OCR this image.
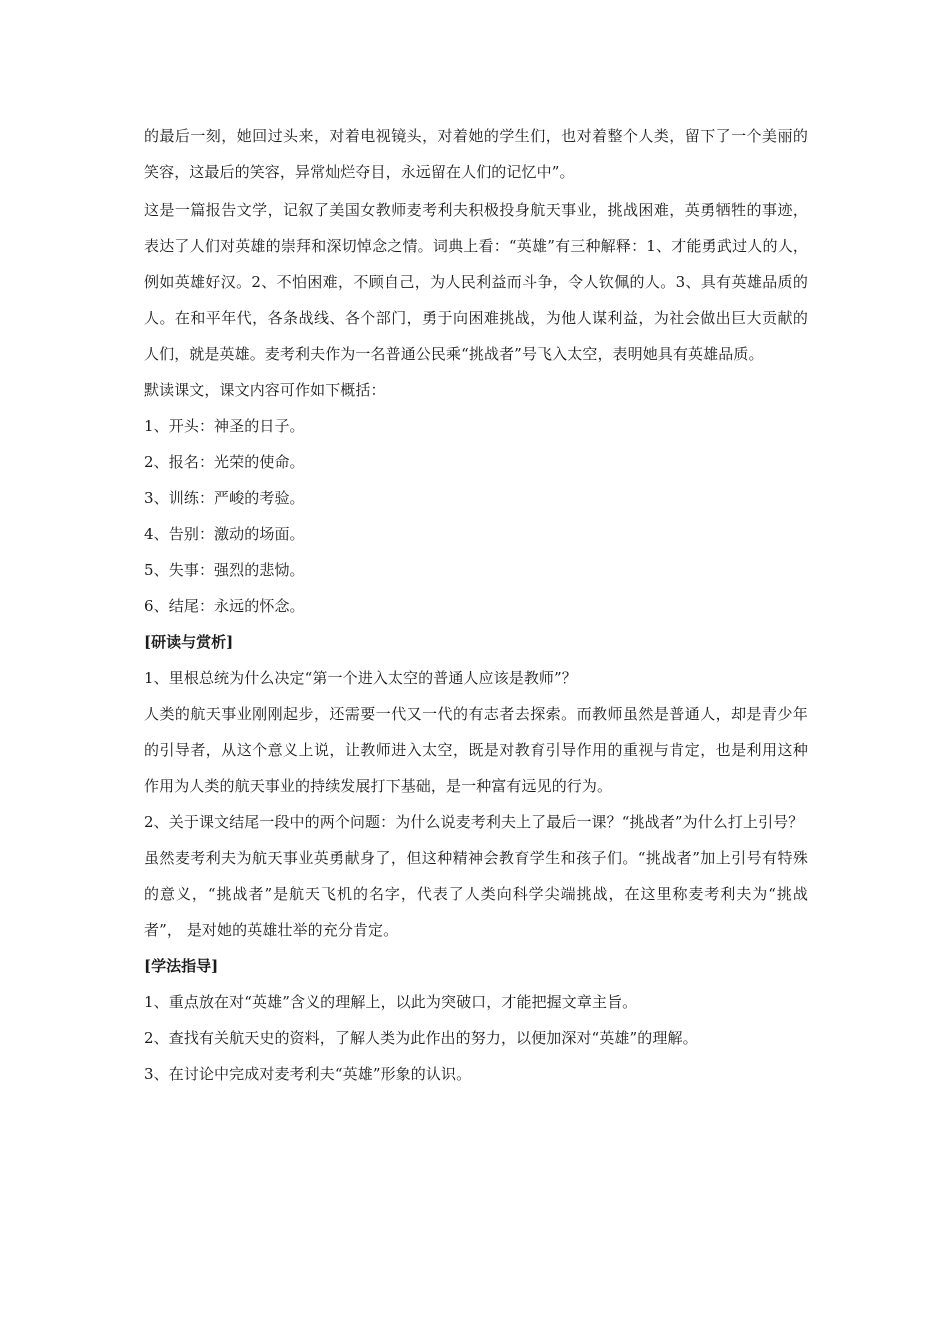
的最后一刻，她回过头来，对着电视镜头，对着她的学生们，也对着整个人类，留下了一个美丽的笑容，这最后的笑容，异常灿烂夺目，永远留在人们的记忆中”。

这是一篇报告文学，记叙了美国女教师麦考利夫积极投身航天事业，挑战困难，英勇牺牲的事迹，表达了人们对英雄的崇拜和深切悼念之情。词典上看：“英雄”有三种解释：1、才能勇武过人的人，例如英雄好汉。2、不怕困难，不顾自己，为人民利益而斗争，令人钦佩的人。3、具有英雄品质的人。在和平年代，各条战线、各个部门，勇于向困难挑战，为他人谋利益，为社会做出巨大贡献的人们，就是英雄。麦考利夫作为一名普通公民乘“挑战者”号飞入太空，表明她具有英雄品质。

默读课文，课文内容可作如下概括：

1、开头：神圣的日子。

2、报名：光荣的使命。

3、训练：严峻的考验。

4、告别：激动的场面。

5、失事：强烈的悲恸。

6、结尾：永远的怀念。

[研读与赏析]

1、里根总统为什么决定“第一个进入太空的普通人应该是教师”？

人类的航天事业刚刚起步，还需要一代又一代的有志者去探索。而教师虽然是普通人，却是青少年的引导者，从这个意义上说，让教师进入太空，既是对教育引导作用的重视与肯定，也是利用这种作用为人类的航天事业的持续发展打下基础，是一种富有远见的行为。

2、关于课文结尾一段中的两个问题：为什么说麦考利夫上了最后一课？“挑战者”为什么打上引号？

虽然麦考利夫为航天事业英勇献身了，但这种精神会教育学生和孩子们。“挑战者”加上引号有特殊的意义，“挑战者”是航天飞机的名字，代表了人类向科学尖端挑战，在这里称麦考利夫为“挑战者”， 是对她的英雄壮举的充分肯定。

[学法指导]

1、重点放在对“英雄”含义的理解上，以此为突破口，才能把握文章主旨。

2、查找有关航天史的资料，了解人类为此作出的努力，以便加深对“英雄”的理解。

3、在讨论中完成对麦考利夫“英雄”形象的认识。
